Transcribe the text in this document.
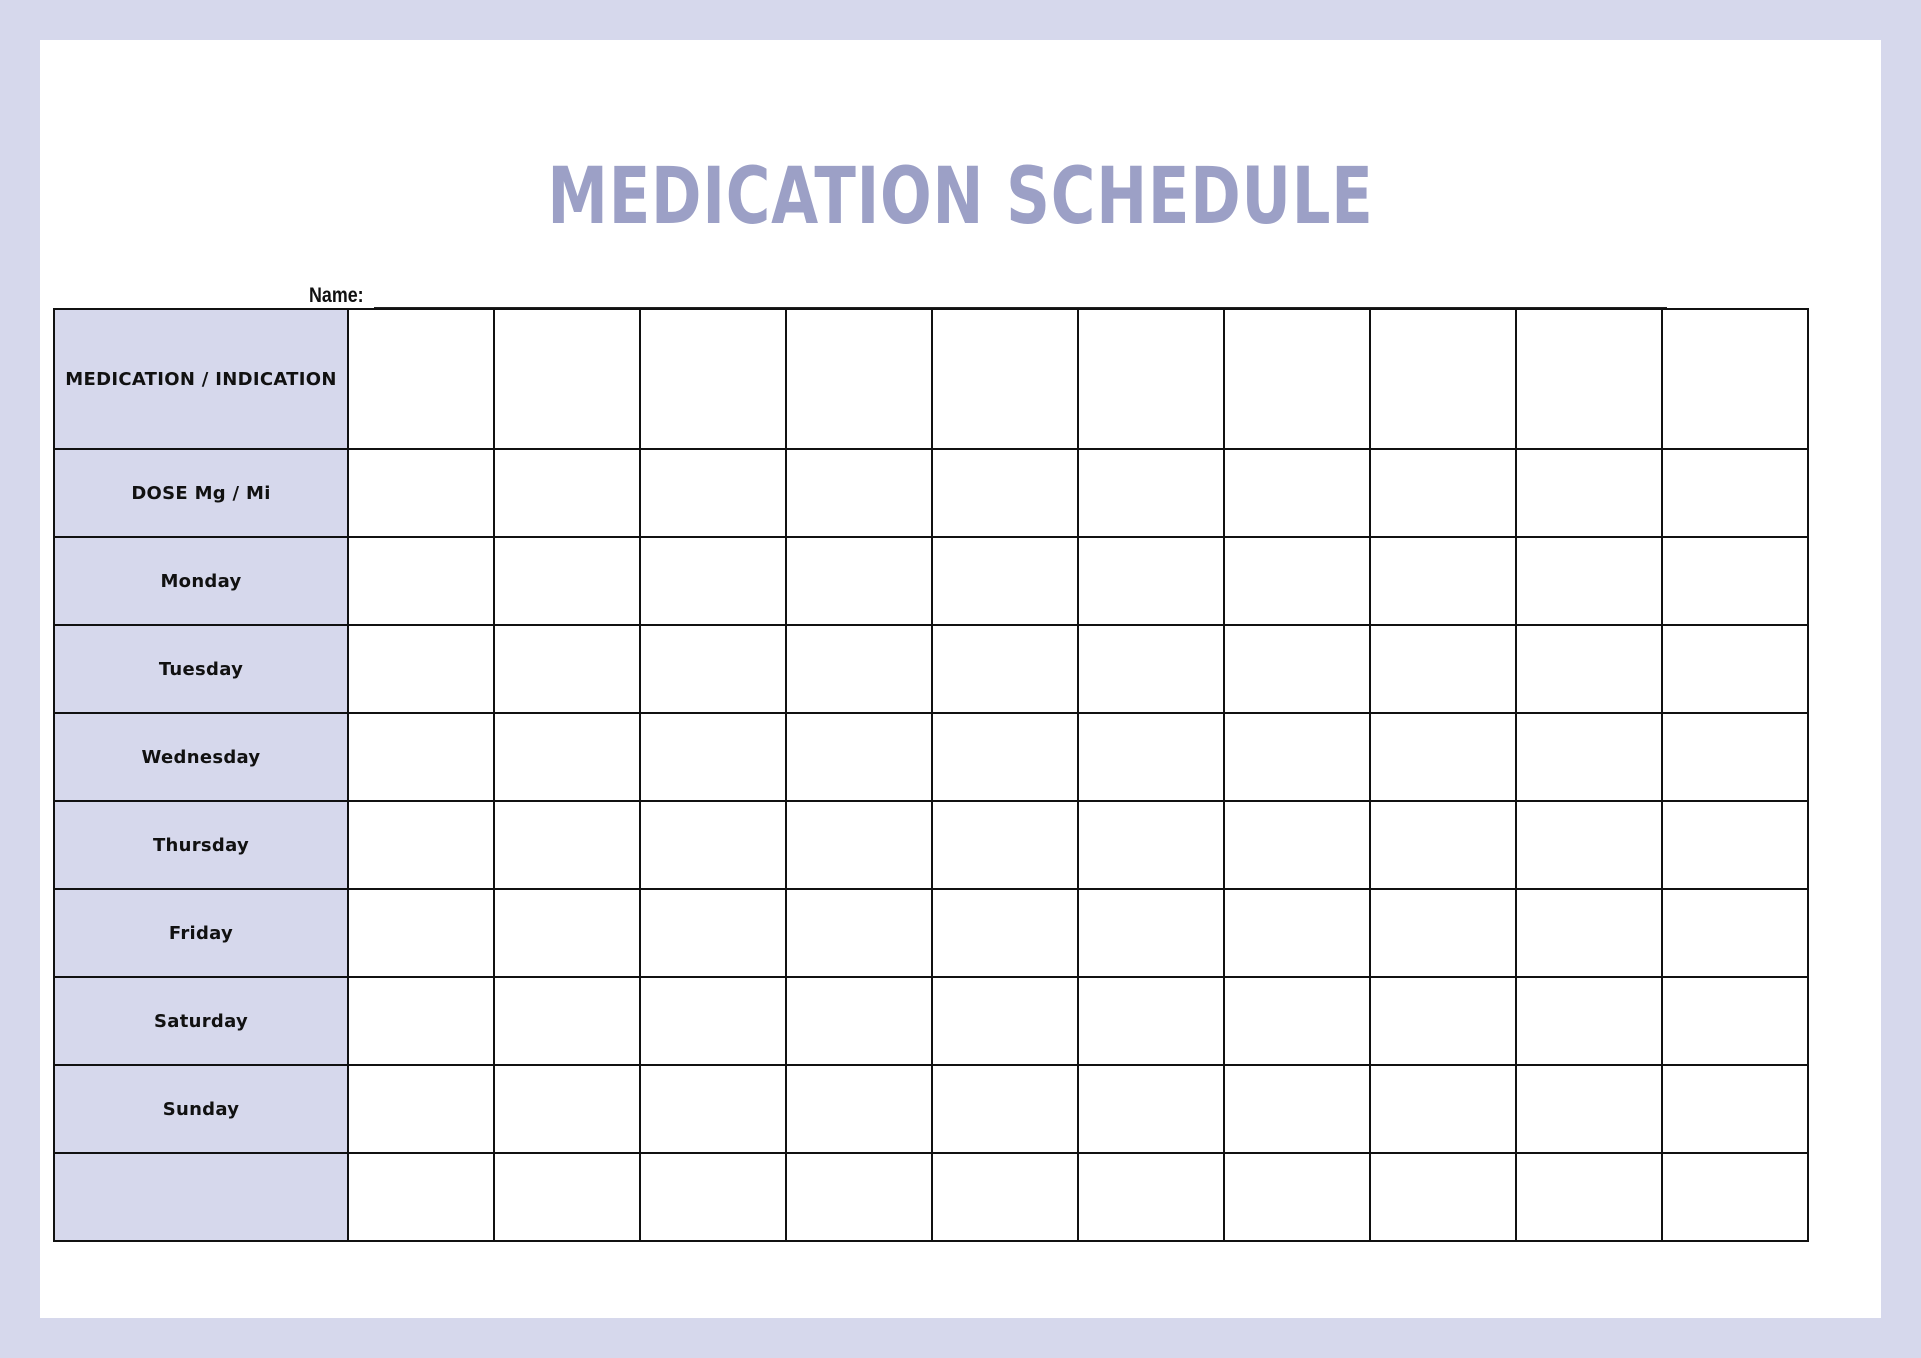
MEDICATION SCHEDULE
Name:
MEDICATION / INDICATION										
DOSE Mg / Mi										
Monday										
Tuesday										
Wednesday										
Thursday										
Friday										
Saturday										
Sunday										
